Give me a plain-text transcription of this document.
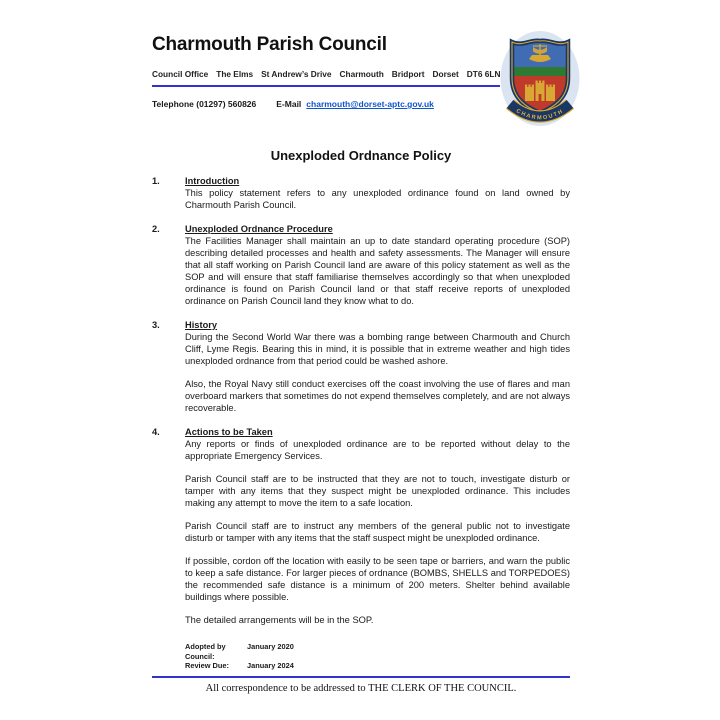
Charmouth Parish Council
Council Office The Elms St Andrew’s Drive Charmouth Bridport Dorset DT6 6LN
Telephone (01297) 560826 E-Mail charmouth@dorset-aptc.gov.uk
CHARMOUTH
Unexploded Ordnance Policy
1.	Introduction

This policy statement refers to any unexploded ordinance found on land owned by Charmouth Parish Council.

2.	Unexploded Ordnance Procedure

The Facilities Manager shall maintain an up to date standard operating procedure (SOP) describing detailed processes and health and safety assessments. The Manager will ensure that all staff working on Parish Council land are aware of this policy statement as well as the SOP and will ensure that staff familiarise themselves accordingly so that when unexploded ordinance is found on Parish Council land or that staff receive reports of unexploded ordinance on Parish Council land they know what to do.

3.	History

During the Second World War there was a bombing range between Charmouth and Church Cliff, Lyme Regis. Bearing this in mind, it is possible that in extreme weather and high tides unexploded ordnance from that period could be washed ashore.

Also, the Royal Navy still conduct exercises off the coast involving the use of flares and man overboard markers that sometimes do not expend themselves completely, and are not always recoverable.

4.	Actions to be Taken

Any reports or finds of unexploded ordinance are to be reported without delay to the appropriate Emergency Services.

Parish Council staff are to be instructed that they are not to touch, investigate disturb or tamper with any items that they suspect might be unexploded ordinance. This includes making any attempt to move the item to a safe location.

Parish Council staff are to instruct any members of the general public not to investigate disturb or tamper with any items that the staff suspect might be unexploded ordinance.

If possible, cordon off the location with easily to be seen tape or barriers, and warn the public to keep a safe distance. For larger pieces of ordnance (BOMBS, SHELLS and TORPEDOES) the recommended safe distance is a minimum of 200 meters. Shelter behind available buildings where possible.

The detailed arrangements will be in the SOP.

Adopted by Council:
January 2020
Review Due:	January 2024
All correspondence to be addressed to THE CLERK OF THE COUNCIL.
